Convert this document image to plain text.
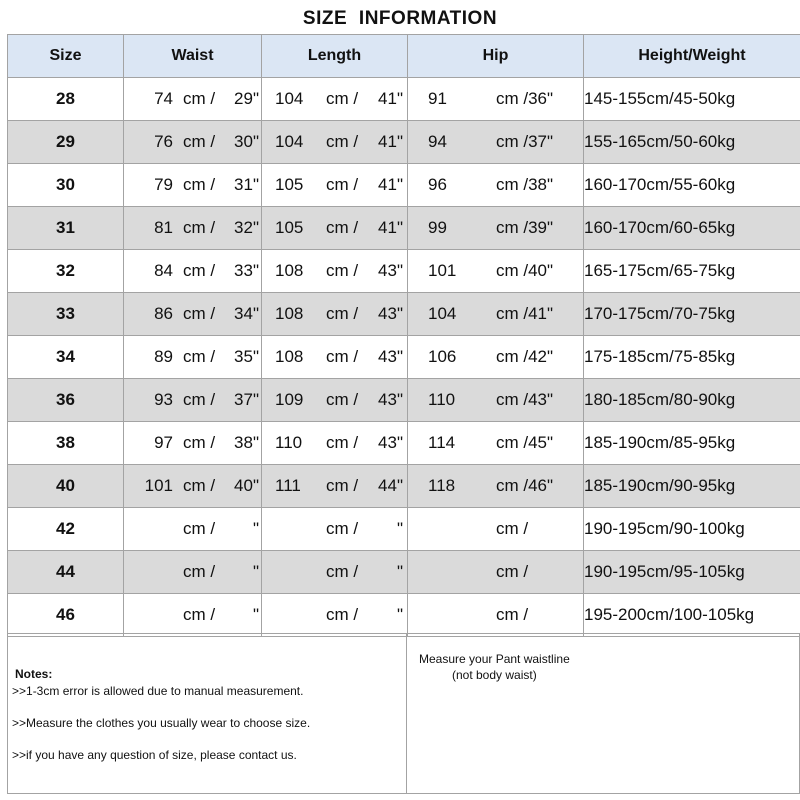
SIZE INFORMATION
Size	Waist	Length	Hip	Height/Weight
28	74 cm / 29"	104 cm / 41"	91 cm /36"	145-155cm/45-50kg
29	76 cm / 30"	104 cm / 41"	94 cm /37"	155-165cm/50-60kg
30	79 cm / 31"	105 cm / 41"	96 cm /38"	160-170cm/55-60kg
31	81 cm / 32"	105 cm / 41"	99 cm /39"	160-170cm/60-65kg
32	84 cm / 33"	108 cm / 43"	101 cm /40"	165-175cm/65-75kg
33	86 cm / 34"	108 cm / 43"	104 cm /41"	170-175cm/70-75kg
34	89 cm / 35"	108 cm / 43"	106 cm /42"	175-185cm/75-85kg
36	93 cm / 37"	109 cm / 43"	110 cm /43"	180-185cm/80-90kg
38	97 cm / 38"	110 cm / 43"	114 cm /45"	185-190cm/85-95kg
40	101 cm / 40"	111 cm / 44"	118 cm /46"	185-190cm/90-95kg
42	cm / "	cm / "	cm /	190-195cm/90-100kg
44	cm / "	cm / "	cm /	190-195cm/95-105kg
46	cm / "	cm / "	cm /	195-200cm/100-105kg
Notes:
>>1-3cm error is allowed due to manual measurement.
>>Measure the clothes you usually wear to choose size.
>>if you have any question of size, please contact us.
Measure your Pant waistline
(not body waist)
